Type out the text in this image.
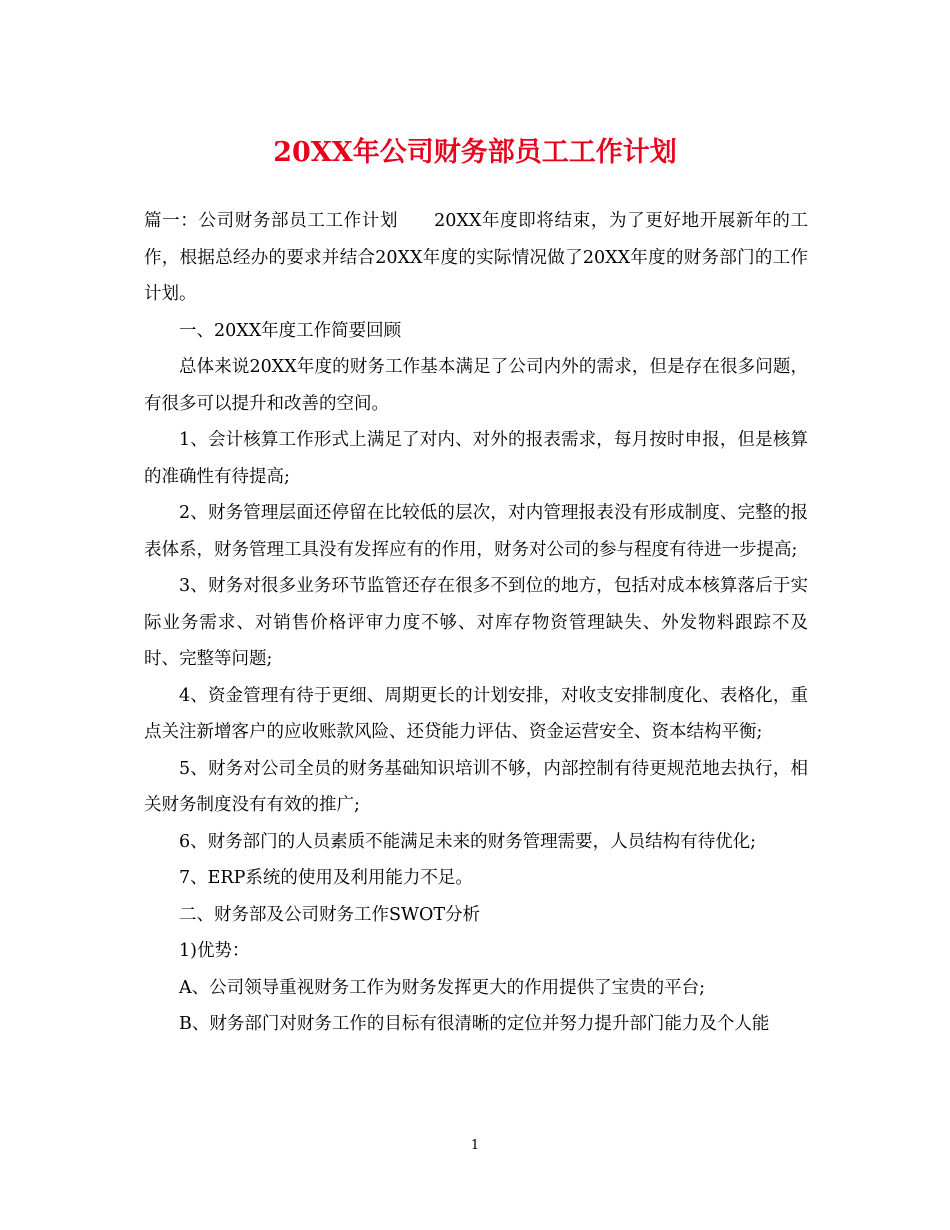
20XX年公司财务部员工工作计划

篇一：公司财务部员工工作计划 20XX年度即将结束，为了更好地开展新年的工作，根据总经办的要求并结合20XX年度的实际情况做了20XX年度的财务部门的工作计划。

一、20XX年度工作简要回顾

总体来说20XX年度的财务工作基本满足了公司内外的需求，但是存在很多问题，有很多可以提升和改善的空间。

1、会计核算工作形式上满足了对内、对外的报表需求，每月按时申报，但是核算的准确性有待提高;

2、财务管理层面还停留在比较低的层次，对内管理报表没有形成制度、完整的报表体系，财务管理工具没有发挥应有的作用，财务对公司的参与程度有待进一步提高;

3、财务对很多业务环节监管还存在很多不到位的地方，包括对成本核算落后于实际业务需求、对销售价格评审力度不够、对库存物资管理缺失、外发物料跟踪不及时、完整等问题;

4、资金管理有待于更细、周期更长的计划安排，对收支安排制度化、表格化，重点关注新增客户的应收账款风险、还贷能力评估、资金运营安全、资本结构平衡;

5、财务对公司全员的财务基础知识培训不够，内部控制有待更规范地去执行，相关财务制度没有有效的推广;

6、财务部门的人员素质不能满足未来的财务管理需要，人员结构有待优化;

7、ERP系统的使用及利用能力不足。

二、财务部及公司财务工作SWOT分析

1)优势：

A、公司领导重视财务工作为财务发挥更大的作用提供了宝贵的平台;

B、财务部门对财务工作的目标有很清晰的定位并努力提升部门能力及个人能

1
